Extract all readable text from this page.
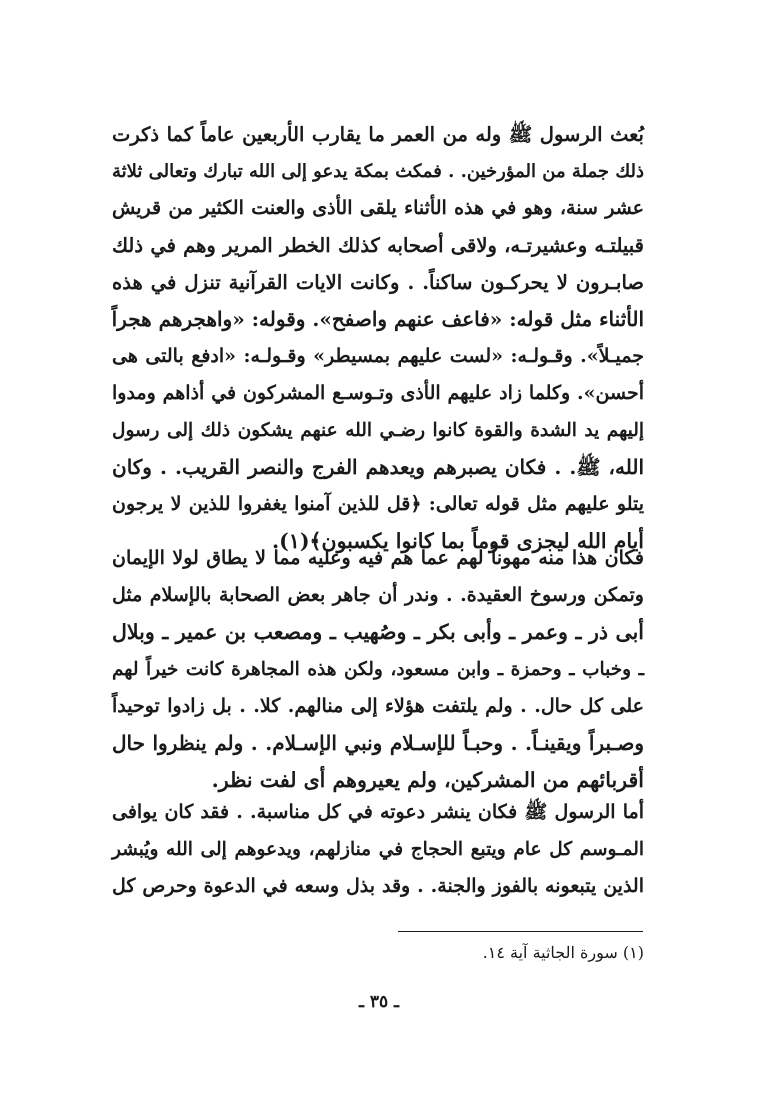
بُعث الرسول ﷺ وله من العمر ما يقارب الأربعين عاماً كما ذكرت
ذلك جملة من المؤرخين. . فمكث بمكة يدعو إلى الله تبارك وتعالى ثلاثة
عشر سنة، وهو في هذه الأثناء يلقى الأذى والعنت الكثير من قريش
قبيلتـه وعشيرتـه، ولاقى أصحابه كذلك الخطر المرير وهم في ذلك
صابـرون لا يحركـون ساكناً. . وكانت الايات القرآنية تنزل في هذه
الأثناء مثل قوله: «فاعف عنهم واصفح». وقوله: «واهجرهم هجراً
جميـلاً». وقـولـه: «لست عليهم بمسيطر» وقـولـه: «ادفع بالتى هى
أحسن». وكلما زاد عليهم الأذى وتـوسـع المشركون في أذاهم ومدوا
إليهم يد الشدة والقوة كانوا رضـي الله عنهم يشكون ذلك إلى رسول
الله، ﷺ. . فكان يصبرهم ويعدهم الفرج والنصر القريب. . وكان
يتلو عليهم مثل قوله تعالى: ﴿قل للذين آمنوا يغفروا للذين لا يرجون
أيام الله ليجزى قوماً بما كانوا يكسبون﴾(١).
فكان هذا منه مهوناً لهم عما هم فيه وعليه مما لا يطاق لولا الإيمان
وتمكن ورسوخ العقيدة. . وندر أن جاهر بعض الصحابة بالإسلام مثل
أبى ذر ـ وعمر ـ وأبى بكر ـ وصُهيب ـ ومصعب بن عمير ـ وبلال
ـ وخباب ـ وحمزة ـ وابن مسعود، ولكن هذه المجاهرة كانت خيراً لهم
على كل حال. . ولم يلتفت هؤلاء إلى منالهم. كلا. . بل زادوا توحيداً
وصـبراً ويقينـاً. . وحبـاً للإسـلام ونبي الإسـلام. . ولم ينظروا حال
أقربائهم من المشركين، ولم يعيروهم أى لفت نظر.
أما الرسول ﷺ فكان ينشر دعوته في كل مناسبة. . فقد كان يوافى
المـوسم كل عام ويتبع الحجاج في منازلهم، ويدعوهم إلى الله ويُبشر
الذين يتبعونه بالفوز والجنة. . وقد بذل وسعه في الدعوة وحرص كل
(١) سورة الجاثية آية ١٤.
ـ ٣٥ ـ
